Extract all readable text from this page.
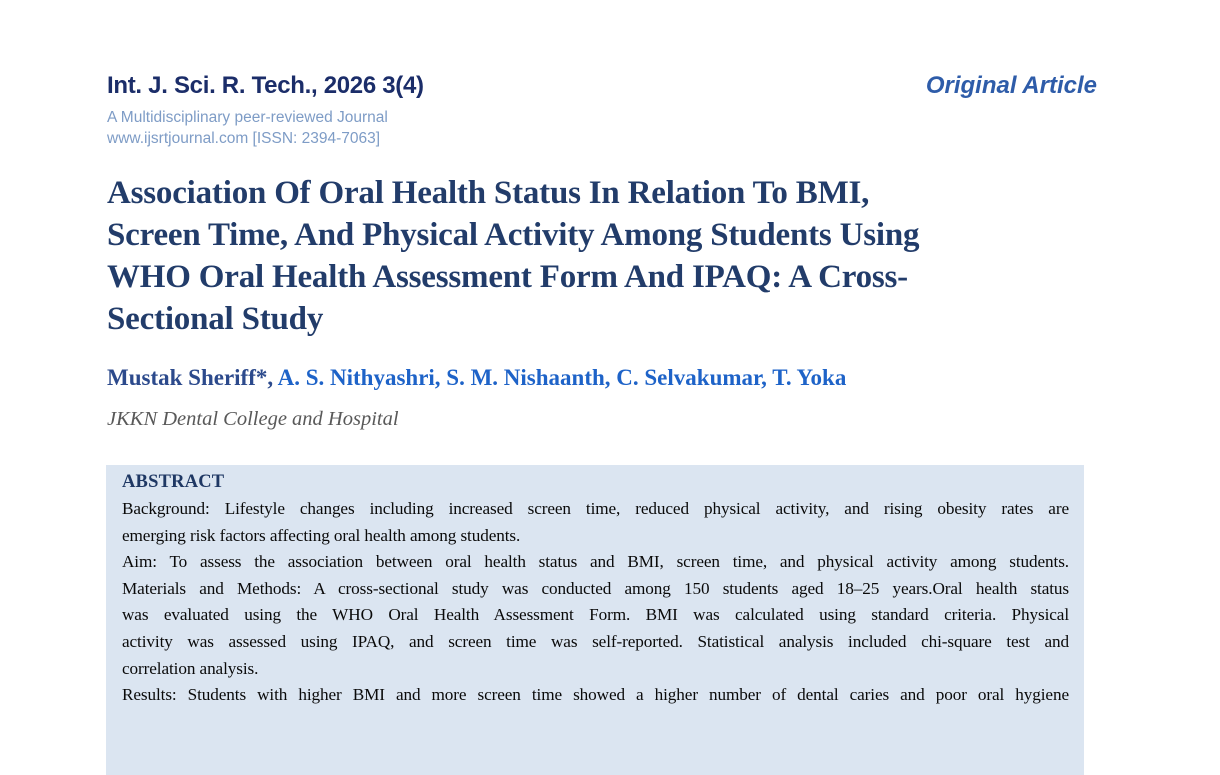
Int. J. Sci. R. Tech., 2026 3(4)
A Multidisciplinary peer-reviewed Journal
www.ijsrtjournal.com [ISSN: 2394-7063]
Original Article
Association Of Oral Health Status In Relation To BMI,
Screen Time, And Physical Activity Among Students Using
WHO Oral Health Assessment Form And IPAQ: A Cross-
Sectional Study
Mustak Sheriff*, A. S. Nithyashri, S. M. Nishaanth, C. Selvakumar, T. Yoka
JKKN Dental College and Hospital
ABSTRACT
Background: Lifestyle changes including increased screen time, reduced physical activity, and rising obesity rates are
emerging risk factors affecting oral health among students.
Aim: To assess the association between oral health status and BMI, screen time, and physical activity among students.
Materials and Methods: A cross-sectional study was conducted among 150 students aged 18–25 years.Oral health status
was evaluated using the WHO Oral Health Assessment Form. BMI was calculated using standard criteria. Physical
activity was assessed using IPAQ, and screen time was self-reported. Statistical analysis included chi-square test and
correlation analysis.
Results: Students with higher BMI and more screen time showed a higher number of dental caries and poor oral hygiene
